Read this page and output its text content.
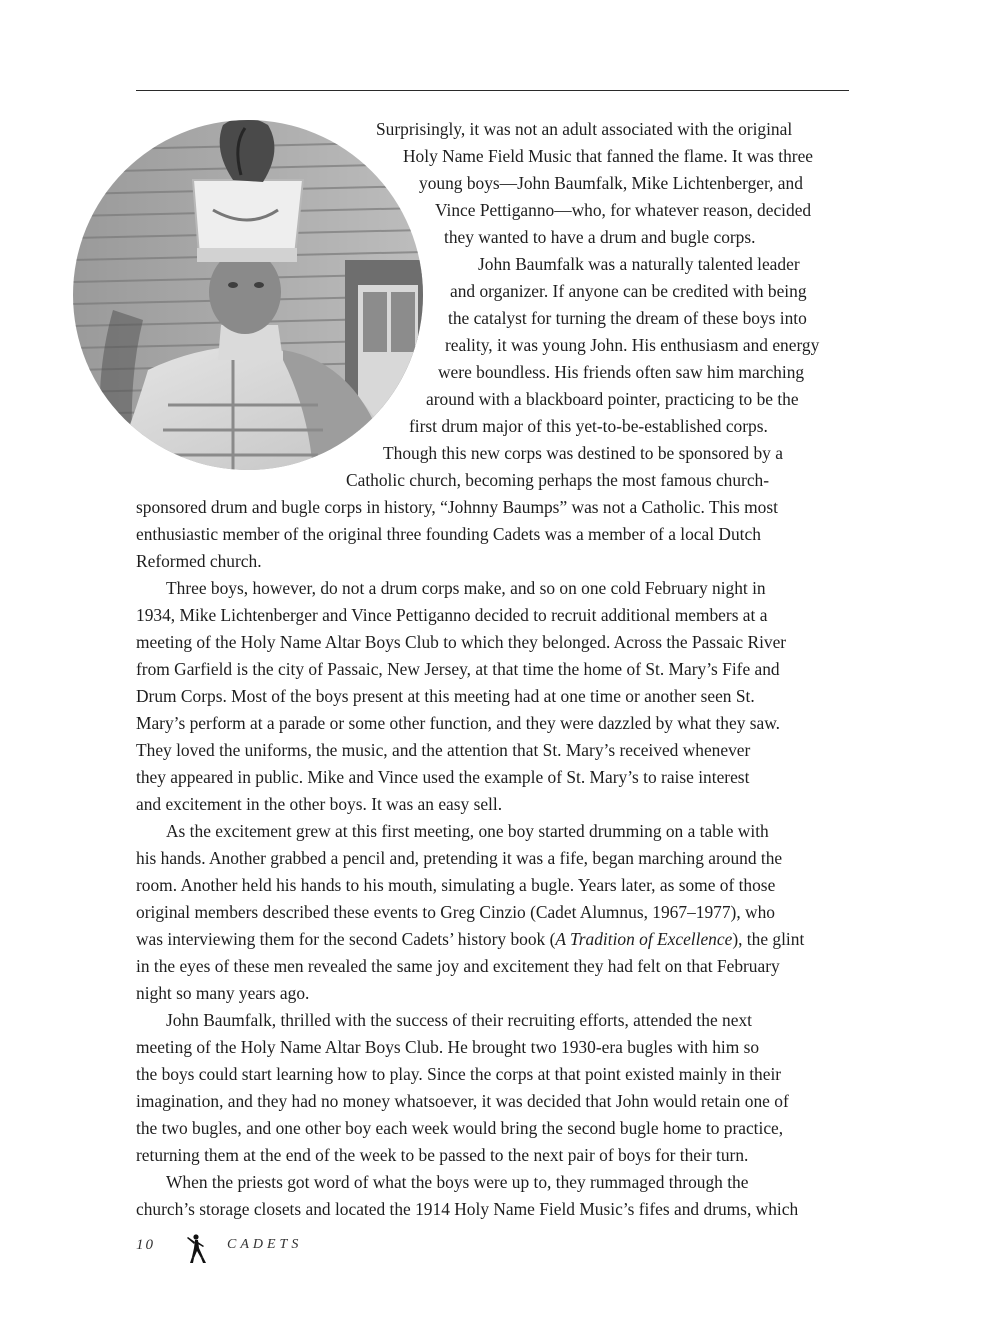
Surprisingly, it was not an adult associated with the original
Holy Name Field Music that fanned the flame. It was three
young boys—John Baumfalk, Mike Lichtenberger, and
Vince Pettiganno—who, for whatever reason, decided
they wanted to have a drum and bugle corps.
John Baumfalk was a naturally talented leader
and organizer. If anyone can be credited with being
the catalyst for turning the dream of these boys into
reality, it was young John. His enthusiasm and energy
were boundless. His friends often saw him marching
around with a blackboard pointer, practicing to be the
first drum major of this yet-to-be-established corps.
Though this new corps was destined to be sponsored by a
Catholic church, becoming perhaps the most famous church-
sponsored drum and bugle corps in history, “Johnny Baumps” was not a Catholic. This most
enthusiastic member of the original three founding Cadets was a member of a local Dutch
Reformed church.
Three boys, however, do not a drum corps make, and so on one cold February night in
1934, Mike Lichtenberger and Vince Pettiganno decided to recruit additional members at a
meeting of the Holy Name Altar Boys Club to which they belonged. Across the Passaic River
from Garfield is the city of Passaic, New Jersey, at that time the home of St. Mary’s Fife and
Drum Corps. Most of the boys present at this meeting had at one time or another seen St.
Mary’s perform at a parade or some other function, and they were dazzled by what they saw.
They loved the uniforms, the music, and the attention that St. Mary’s received whenever
they appeared in public. Mike and Vince used the example of St. Mary’s to raise interest
and excitement in the other boys. It was an easy sell.
As the excitement grew at this first meeting, one boy started drumming on a table with
his hands. Another grabbed a pencil and, pretending it was a fife, began marching around the
room. Another held his hands to his mouth, simulating a bugle. Years later, as some of those
original members described these events to Greg Cinzio (Cadet Alumnus, 1967–1977), who
was interviewing them for the second Cadets’ history book (A Tradition of Excellence), the glint
in the eyes of these men revealed the same joy and excitement they had felt on that February
night so many years ago.
John Baumfalk, thrilled with the success of their recruiting efforts, attended the next
meeting of the Holy Name Altar Boys Club. He brought two 1930-era bugles with him so
the boys could start learning how to play. Since the corps at that point existed mainly in their
imagination, and they had no money whatsoever, it was decided that John would retain one of
the two bugles, and one other boy each week would bring the second bugle home to practice,
returning them at the end of the week to be passed to the next pair of boys for their turn.
When the priests got word of what the boys were up to, they rummaged through the
church’s storage closets and located the 1914 Holy Name Field Music’s fifes and drums, which
10	CADETS
